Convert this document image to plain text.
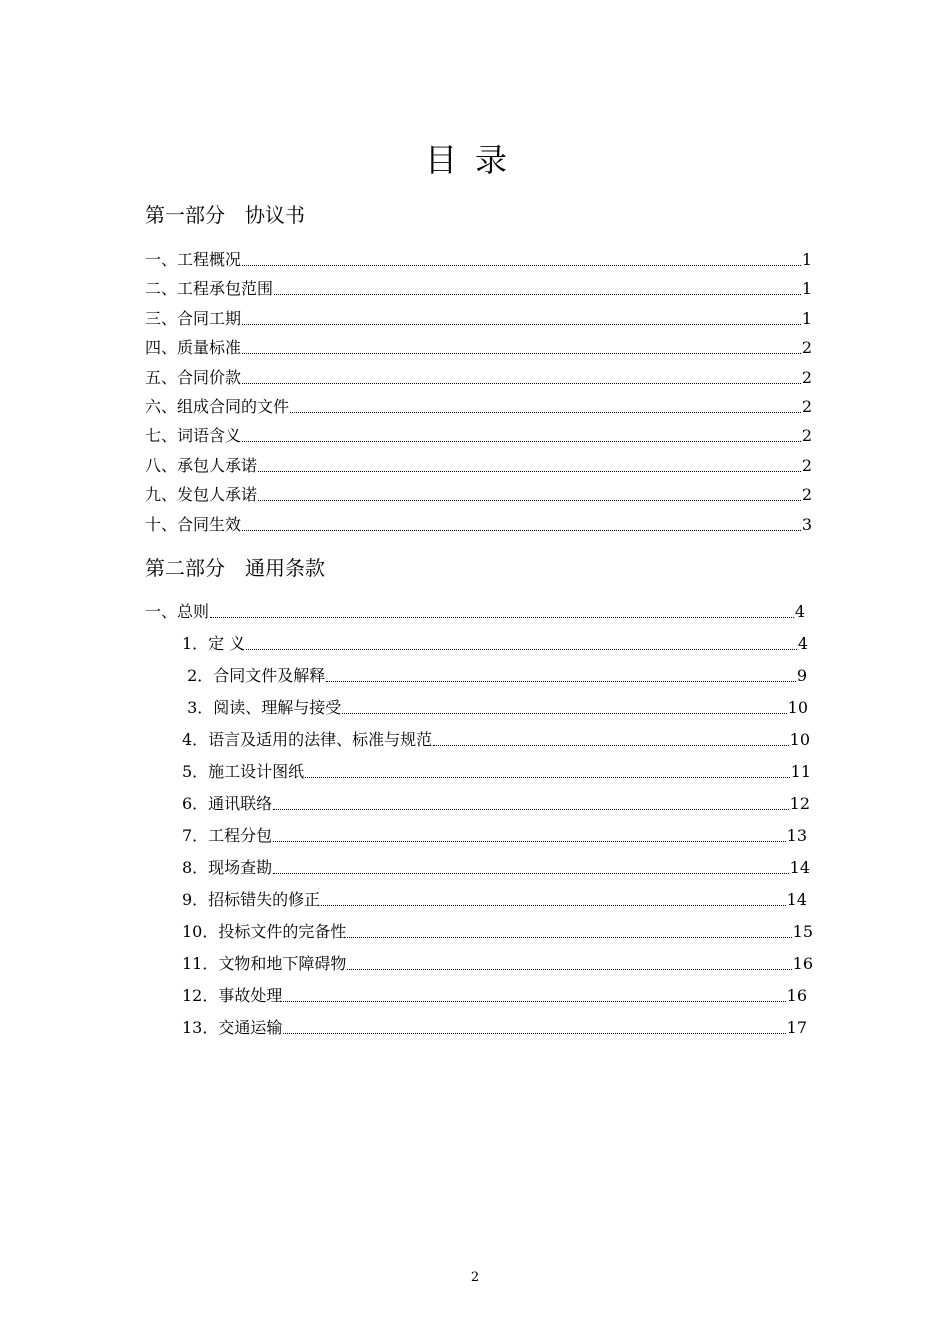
目录
第一部分　协议书
一、工程概况	1
二、工程承包范围	1
三、合同工期	1
四、质量标准	2
五、合同价款	2
六、组成合同的文件	2
七、词语含义	2
八、承包人承诺	2
九、发包人承诺	2
十、合同生效	3
第二部分　通用条款
一、总则	4
1．定 义	4
2．合同文件及解释	9
3．阅读、理解与接受	10
4．语言及适用的法律、标准与规范	10
5．施工设计图纸	11
6．通讯联络	12
7．工程分包	13
8．现场查勘	14
9．招标错失的修正	14
10．投标文件的完备性	15
11．文物和地下障碍物	16
12．事故处理	16
13．交通运输	17
2
